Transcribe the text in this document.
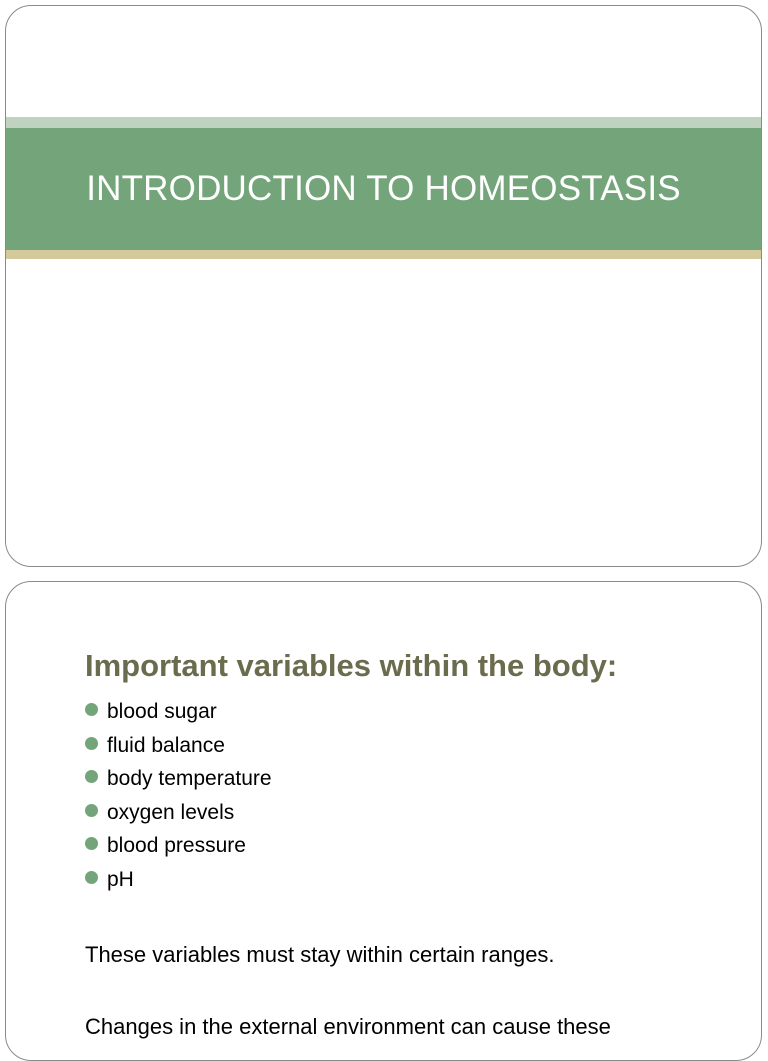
INTRODUCTION TO HOMEOSTASIS
Important variables within the body:
blood sugar
fluid balance
body temperature
oxygen levels
blood pressure
pH

These variables must stay within certain ranges.

Changes in the external environment can cause these
